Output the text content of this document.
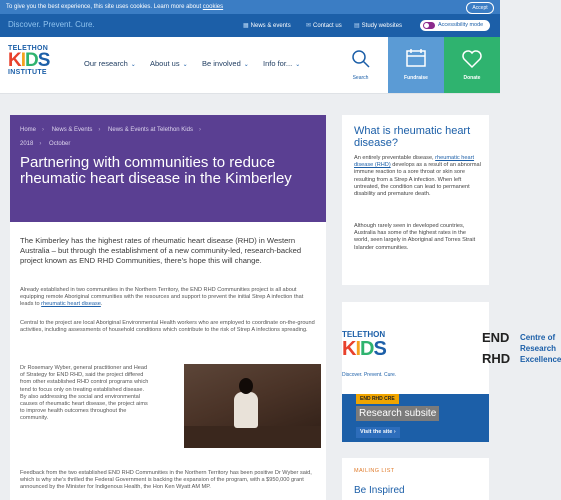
To give you the best experience, this site uses cookies. Learn more about cookies	Accept
Discover. Prevent. Cure.	▦ News & events	✉ Contact us ▤ Study websites	Accessibility mode
TELETHON
KIDS
INSTITUTE
Our research ⌄ About us ⌄ Be involved ⌄ Info for... ⌄
Search	Fundraise	Donate
Home › News & Events › News & Events at Telethon Kids ›
2018 › October
Partnering with communities to reduce rheumatic heart disease in the Kimberley

The Kimberley has the highest rates of rheumatic heart disease (RHD) in Western Australia – but through the establishment of a new community-led, research-backed project known as END RHD Communities, there’s hope this will change.

Already established in two communities in the Northern Territory, the END RHD Communities project is all about equipping remote Aboriginal communities with the resources and support to prevent the initial Strep A infection that leads to rheumatic heart disease.

Central to the project are local Aboriginal Environmental Health workers who are employed to coordinate on-the-ground activities, including assessments of household conditions which contribute to the risk of Strep A infections spreading.

Dr Rosemary Wyber, general practitioner and Head of Strategy for END RHD, said the project differed from other established RHD control programs which tend to focus only on treating established disease. By also addressing the social and environmental causes of rheumatic heart disease, the project aims to improve health outcomes throughout the community.

Feedback from the two established END RHD Communities in the Northern Territory has been positive Dr Wyber said, which is why she’s thrilled the Federal Government is backing the expansion of the program, with a $950,000 grant announced by the Minister for Indigenous Health, the Hon Ken Wyatt AM MP.

What is rheumatic heart disease?

An entirely preventable disease, rheumatic heart disease (RHD) develops as a result of an abnormal immune reaction to a sore throat or skin sore resulting from a Strep A infection. When left untreated, the condition can lead to permanent disability and premature death.

Although rarely seen in developed countries, Australia has some of the highest rates in the world, seen largely in Aboriginal and Torres Strait Islander communities.

TELETHON
KIDS
Discover. Prevent. Cure.
END
RHD
Centre of Research Excellence
END RHD CRE
Research subsite
Visit the site ›
MAILING LIST
Be Inspired
